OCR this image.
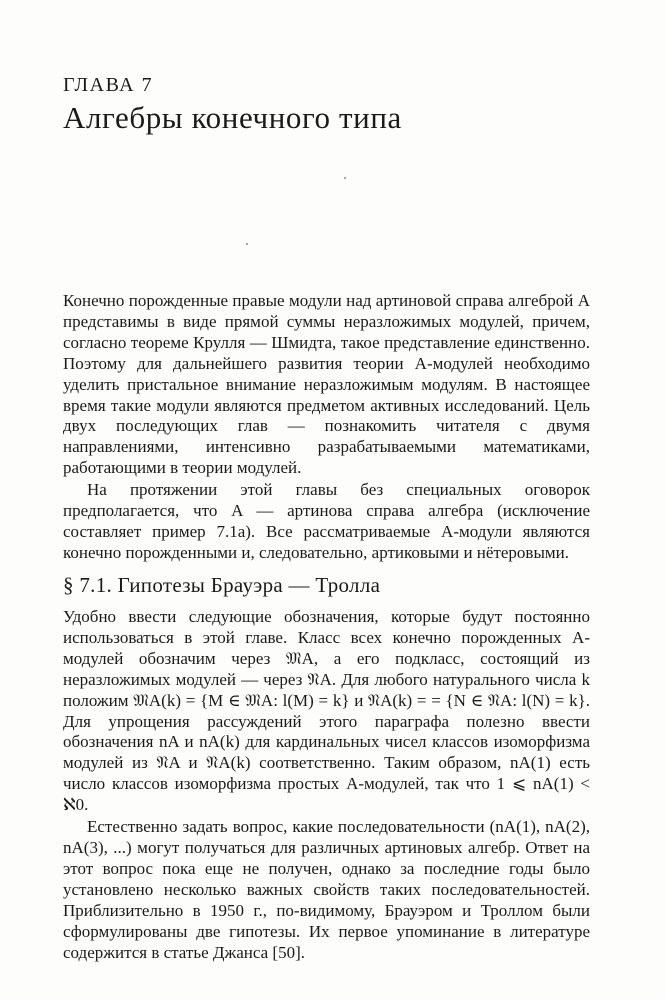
ГЛАВА 7
Алгебры конечного типа

Конечно порожденные правые модули над артиновой справа алгеброй A представимы в виде прямой суммы неразложимых модулей, причем, согласно теореме Крулля — Шмидта, такое представление единственно. Поэтому для дальнейшего развития теории A-модулей необходимо уделить пристальное внимание неразложимым модулям. В настоящее время такие модули являются предметом активных исследований. Цель двух последующих глав — познакомить читателя с двумя направлениями, интенсивно разрабатываемыми математиками, работающими в теории модулей.

На протяжении этой главы без специальных оговорок предполагается, что A — артинова справа алгебра (исключение составляет пример 7.1а). Все рассматриваемые A-модули являются конечно порожденными и, следовательно, артиковыми и нётеровыми.

§ 7.1. Гипотезы Брауэра — Тролла

Удобно ввести следующие обозначения, которые будут постоянно использоваться в этой главе. Класс всех конечно порожденных A-модулей обозначим через 𝔐A, а его подкласс, состоящий из неразложимых модулей — через 𝔑A. Для любого натурального числа k положим 𝔐A(k) = {M ∈ 𝔐A: l(M) = k} и 𝔑A(k) = = {N ∈ 𝔑A: l(N) = k}. Для упрощения рассуждений этого параграфа полезно ввести обозначения nA и nA(k) для кардинальных чисел классов изоморфизма модулей из 𝔑A и 𝔑A(k) соответственно. Таким образом, nA(1) есть число классов изоморфизма простых A-модулей, так что 1 ⩽ nA(1) < ℵ0.

Естественно задать вопрос, какие последовательности (nA(1), nA(2), nA(3), ...) могут получаться для различных артиновых алгебр. Ответ на этот вопрос пока еще не получен, однако за последние годы было установлено несколько важных свойств таких последовательностей. Приблизительно в 1950 г., по-видимому, Брауэром и Троллом были сформулированы две гипотезы. Их первое упоминание в литературе содержится в статье Джанса [50].
